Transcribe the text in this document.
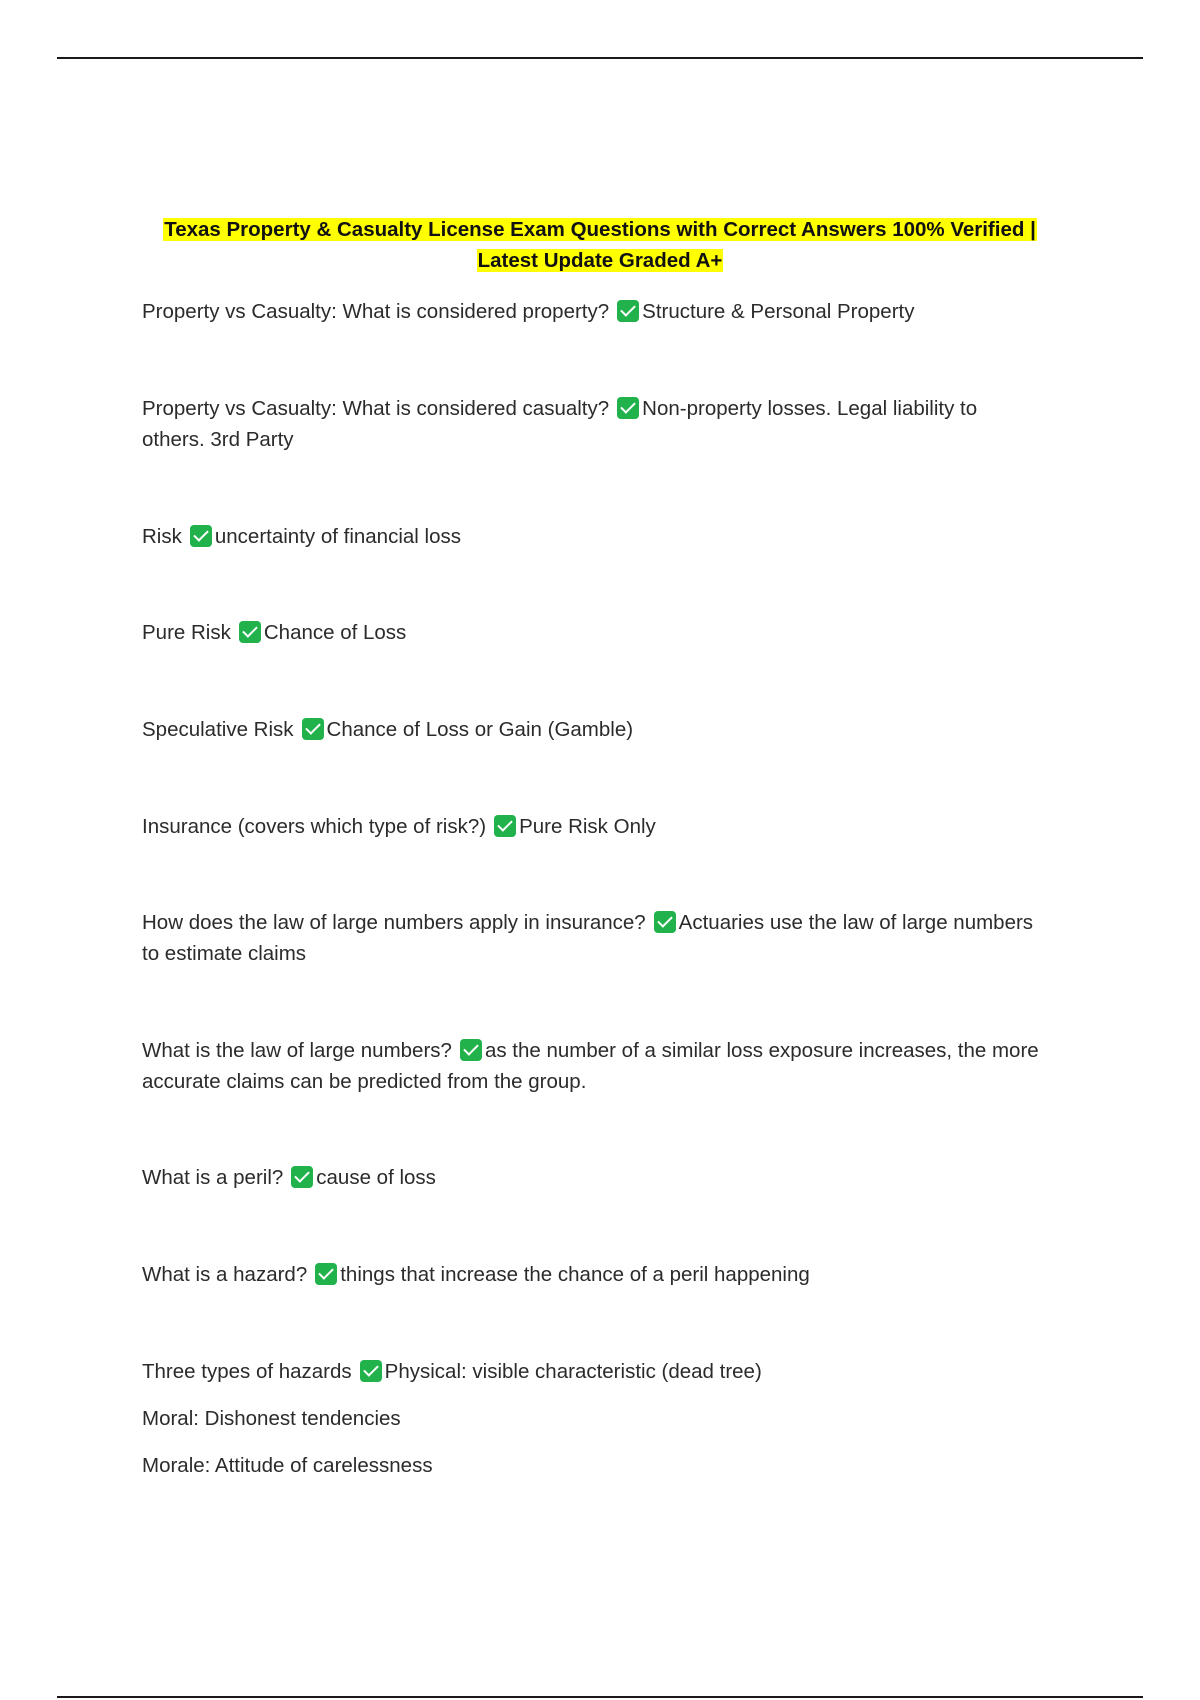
Texas Property & Casualty License Exam Questions with Correct Answers 100% Verified |
Latest Update Graded A+

Property vs Casualty: What is considered property? Structure & Personal Property

Property vs Casualty: What is considered casualty? Non-property losses. Legal liability to others. 3rd Party

Risk uncertainty of financial loss

Pure Risk Chance of Loss

Speculative Risk Chance of Loss or Gain (Gamble)

Insurance (covers which type of risk?) Pure Risk Only

How does the law of large numbers apply in insurance? Actuaries use the law of large numbers to estimate claims

What is the law of large numbers? as the number of a similar loss exposure increases, the more accurate claims can be predicted from the group.

What is a peril? cause of loss

What is a hazard? things that increase the chance of a peril happening

Three types of hazards Physical: visible characteristic (dead tree)

Moral: Dishonest tendencies
Morale: Attitude of carelessness
